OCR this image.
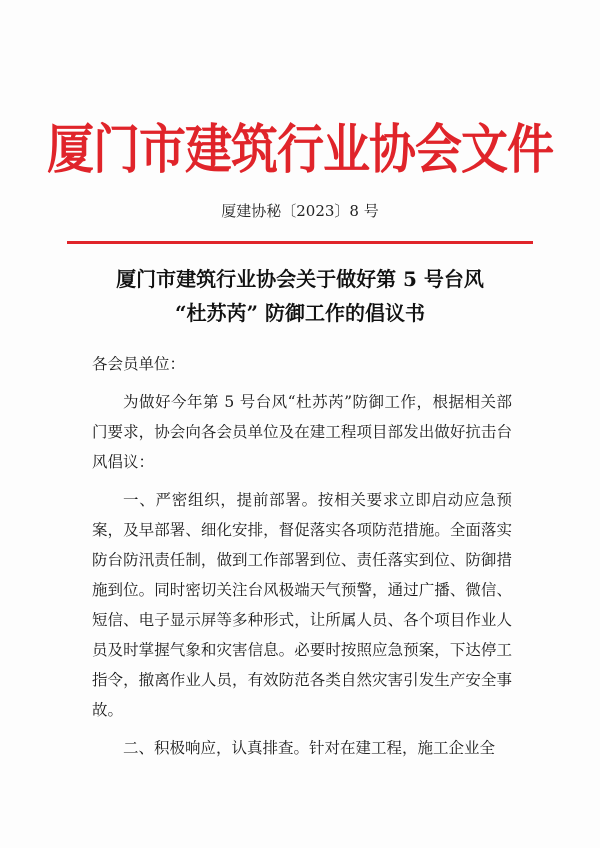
厦门市建筑行业协会文件
厦建协秘〔2023〕8 号
厦门市建筑行业协会关于做好第 5 号台风
“杜苏芮” 防御工作的倡议书

各会员单位：

为做好今年第 5 号台风“杜苏芮”防御工作，根据相关部门要求，协会向各会员单位及在建工程项目部发出做好抗击台风倡议：

一、严密组织，提前部署。按相关要求立即启动应急预案，及早部署、细化安排，督促落实各项防范措施。全面落实防台防汛责任制，做到工作部署到位、责任落实到位、防御措施到位。同时密切关注台风极端天气预警，通过广播、微信、短信、电子显示屏等多种形式，让所属人员、各个项目作业人员及时掌握气象和灾害信息。必要时按照应急预案，下达停工指令，撤离作业人员，有效防范各类自然灾害引发生产安全事故。

二、积极响应，认真排查。针对在建工程，施工企业全
